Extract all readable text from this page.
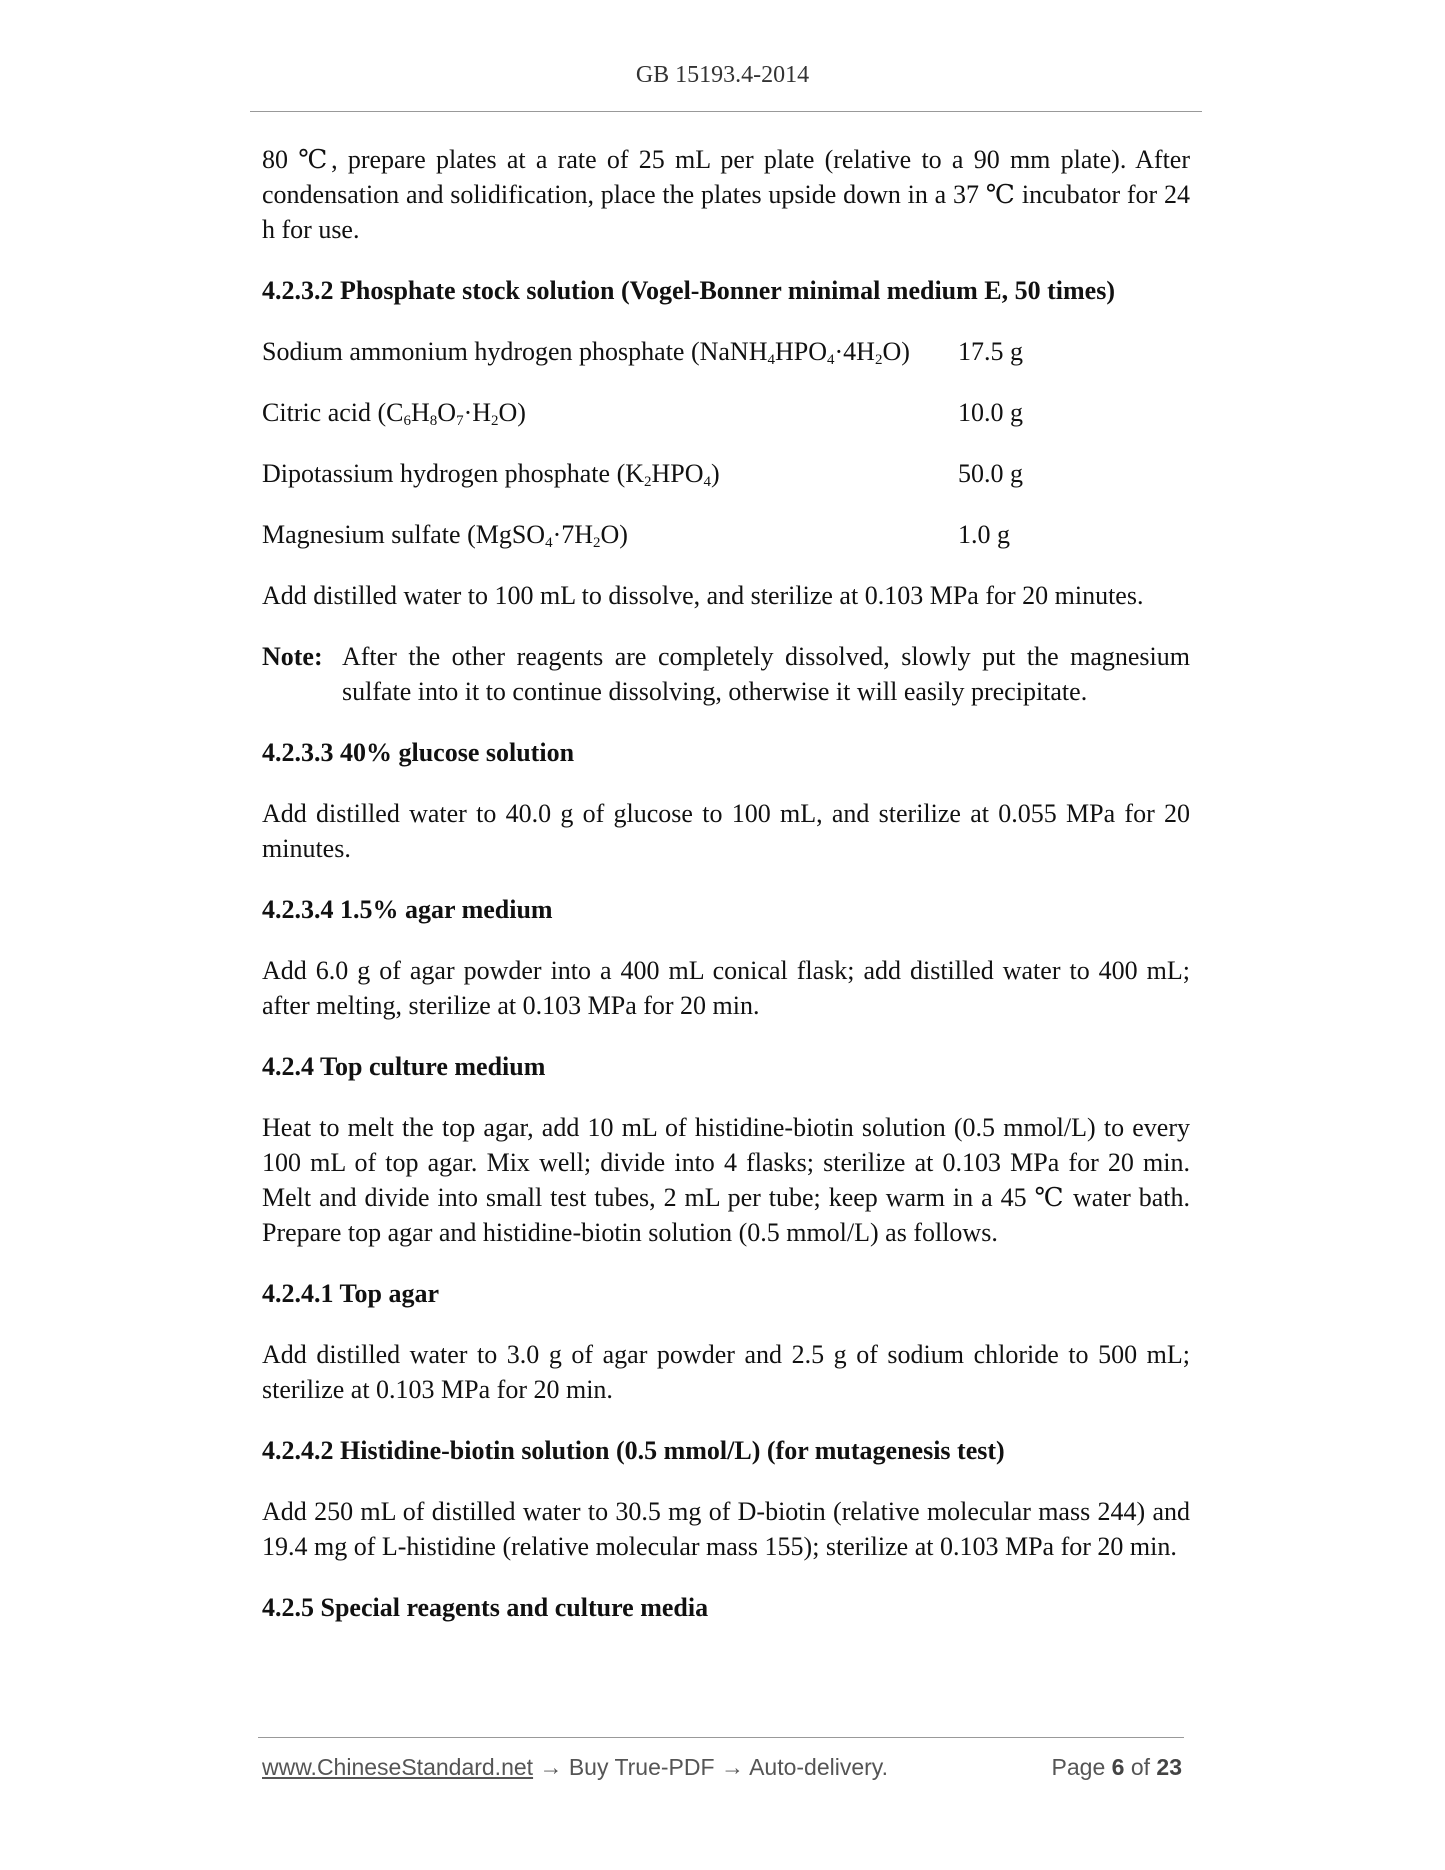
GB 15193.4-2014

80 ℃, prepare plates at a rate of 25 mL per plate (relative to a 90 mm plate). After condensation and solidification, place the plates upside down in a 37 ℃ incubator for 24 h for use.

4.2.3.2 Phosphate stock solution (Vogel-Bonner minimal medium E, 50 times)

Sodium ammonium hydrogen phosphate $(NaNH_4HPO_4\cdot 4H_2O)$	17.5 g
Citric acid $(C_6H_8O_7\cdot H_2O)$	10.0 g
Dipotassium hydrogen phosphate $(K_2HPO_4)$	50.0 g
Magnesium sulfate $(MgSO_4\cdot 7H_2O)$	1.0 g

Add distilled water to 100 mL to dissolve, and sterilize at 0.103 MPa for 20 minutes.

Note: After the other reagents are completely dissolved, slowly put the magnesium sulfate into it to continue dissolving, otherwise it will easily precipitate.

4.2.3.3 40% glucose solution

Add distilled water to 40.0 g of glucose to 100 mL, and sterilize at 0.055 MPa for 20 minutes.

4.2.3.4 1.5% agar medium

Add 6.0 g of agar powder into a 400 mL conical flask; add distilled water to 400 mL; after melting, sterilize at 0.103 MPa for 20 min.

4.2.4 Top culture medium

Heat to melt the top agar, add 10 mL of histidine-biotin solution (0.5 mmol/L) to every 100 mL of top agar. Mix well; divide into 4 flasks; sterilize at 0.103 MPa for 20 min. Melt and divide into small test tubes, 2 mL per tube; keep warm in a 45 ℃ water bath. Prepare top agar and histidine-biotin solution (0.5 mmol/L) as follows.

4.2.4.1 Top agar

Add distilled water to 3.0 g of agar powder and 2.5 g of sodium chloride to 500 mL; sterilize at 0.103 MPa for 20 min.

4.2.4.2 Histidine-biotin solution (0.5 mmol/L) (for mutagenesis test)

Add 250 mL of distilled water to 30.5 mg of D-biotin (relative molecular mass 244) and 19.4 mg of L-histidine (relative molecular mass 155); sterilize at 0.103 MPa for 20 min.

4.2.5 Special reagents and culture media

www.ChineseStandard.net → Buy True-PDF → Auto-delivery.	Page 6 of 23
